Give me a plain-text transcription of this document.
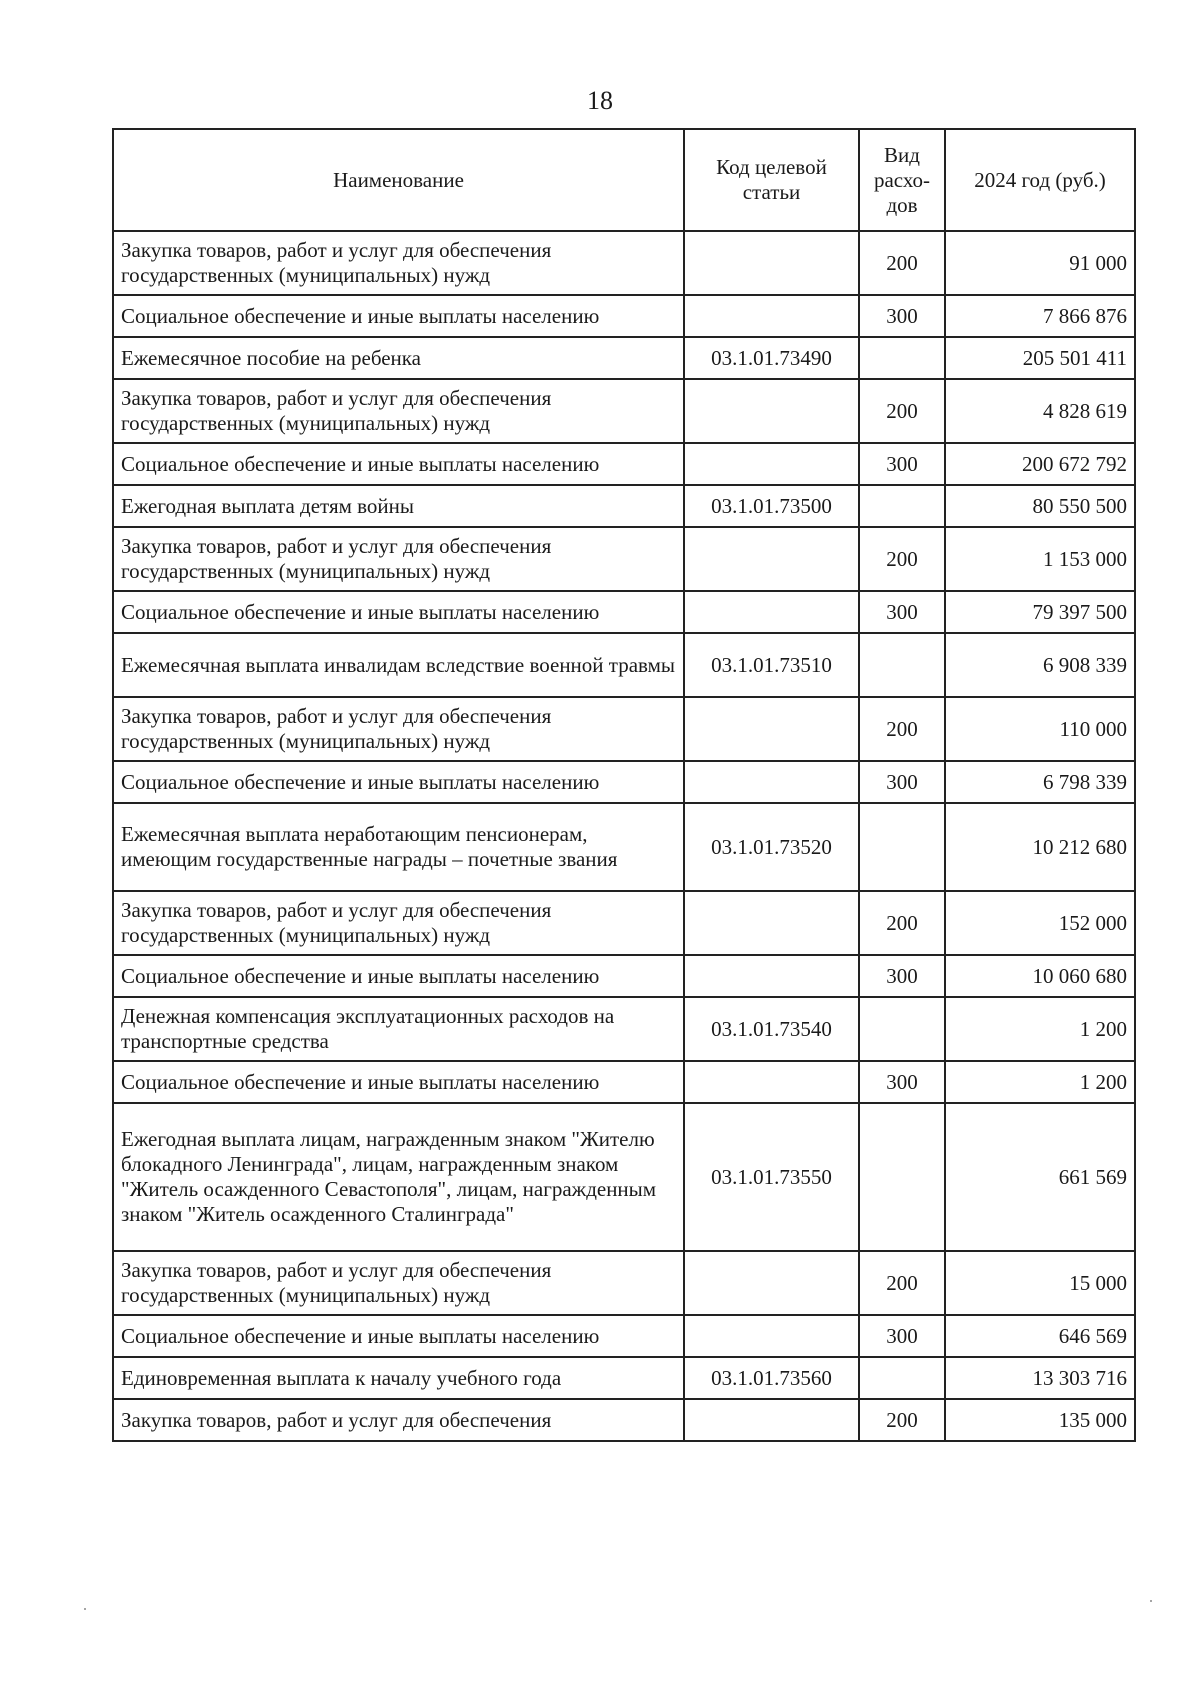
18
Наименование	Код целевой статьи	Вид расхо-дов	2024 год (руб.)
Закупка товаров, работ и услуг для обеспечения государственных (муниципальных) нужд		200	91 000
Социальное обеспечение и иные выплаты населению		300	7 866 876
Ежемесячное пособие на ребенка	03.1.01.73490		205 501 411
Закупка товаров, работ и услуг для обеспечения государственных (муниципальных) нужд		200	4 828 619
Социальное обеспечение и иные выплаты населению		300	200 672 792
Ежегодная выплата детям войны	03.1.01.73500		80 550 500
Закупка товаров, работ и услуг для обеспечения государственных (муниципальных) нужд		200	1 153 000
Социальное обеспечение и иные выплаты населению		300	79 397 500
Ежемесячная выплата инвалидам вследствие военной травмы	03.1.01.73510		6 908 339
Закупка товаров, работ и услуг для обеспечения государственных (муниципальных) нужд		200	110 000
Социальное обеспечение и иные выплаты населению		300	6 798 339
Ежемесячная выплата неработающим пенсионерам, имеющим государственные награды – почетные звания	03.1.01.73520		10 212 680
Закупка товаров, работ и услуг для обеспечения государственных (муниципальных) нужд		200	152 000
Социальное обеспечение и иные выплаты населению		300	10 060 680
Денежная компенсация эксплуатационных расходов на транспортные средства	03.1.01.73540		1 200
Социальное обеспечение и иные выплаты населению		300	1 200
Ежегодная выплата лицам, награжденным знаком "Жителю блокадного Ленинграда", лицам, награжденным знаком "Житель осажденного Севастополя", лицам, награжденным знаком "Житель осажденного Сталинграда"	03.1.01.73550		661 569
Закупка товаров, работ и услуг для обеспечения государственных (муниципальных) нужд		200	15 000
Социальное обеспечение и иные выплаты населению		300	646 569
Единовременная выплата к началу учебного года	03.1.01.73560		13 303 716
Закупка товаров, работ и услуг для обеспечения		200	135 000
